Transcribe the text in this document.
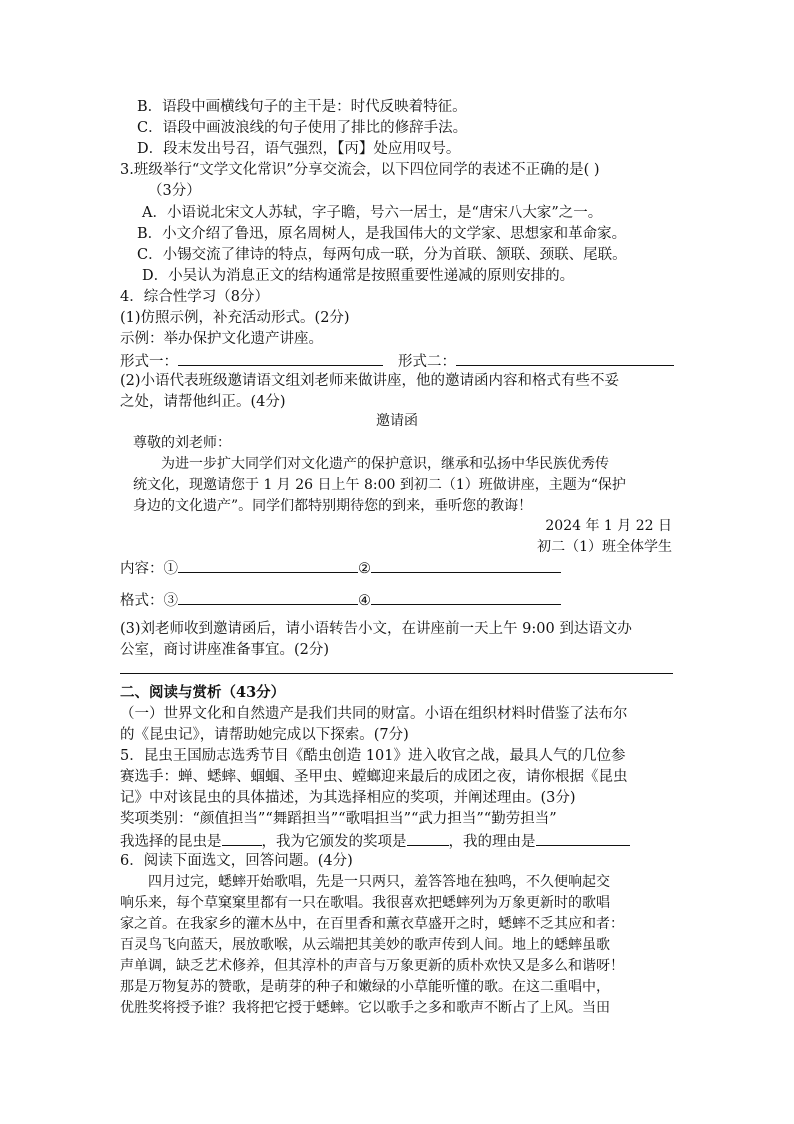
B．语段中画横线句子的主干是：时代反映着特征。
C．语段中画波浪线的句子使用了排比的修辞手法。
D．段末发出号召，语气强烈，【丙】处应用叹号。
3.班级举行“文学文化常识”分享交流会，以下四位同学的表述不正确的是( )
（3分）
A．小语说北宋文人苏轼，字子瞻，号六一居士，是“唐宋八大家”之一。
B．小文介绍了鲁迅，原名周树人，是我国伟大的文学家、思想家和革命家。
C．小锡交流了律诗的特点，每两句成一联，分为首联、颔联、颈联、尾联。
D．小吴认为消息正文的结构通常是按照重要性递减的原则安排的。
4．综合性学习（8分）
(1)仿照示例，补充活动形式。(2分)
示例：举办保护文化遗产讲座。
形式一：	形式二：
(2)小语代表班级邀请语文组刘老师来做讲座，他的邀请函内容和格式有些不妥
之处，请帮他纠正。(4分)
邀请函
尊敬的刘老师：
为进一步扩大同学们对文化遗产的保护意识，继承和弘扬中华民族优秀传
统文化，现邀请您于 1 月 26 日上午 8:00 到初二（1）班做讲座，主题为“保护
身边的文化遗产”。同学们都特别期待您的到来，垂听您的教诲！
2024 年 1 月 22 日
初二（1）班全体学生
内容：①	②
格式：③	④
(3)刘老师收到邀请函后，请小语转告小文，在讲座前一天上午 9:00 到达语文办
公室，商讨讲座准备事宜。(2分)
二、阅读与赏析（43分）
（一）世界文化和自然遗产是我们共同的财富。小语在组织材料时借鉴了法布尔
的《昆虫记》，请帮助她完成以下探索。(7分)
5．昆虫王国励志选秀节目《酷虫创造 101》进入收官之战，最具人气的几位参
赛选手：蝉、蟋蟀、蝈蝈、圣甲虫、螳螂迎来最后的成团之夜，请你根据《昆虫
记》中对该昆虫的具体描述，为其选择相应的奖项，并阐述理由。(3分)
奖项类别：“颜值担当”“舞蹈担当”“歌唱担当”“武力担当”“勤劳担当”
我选择的昆虫是	，我为它颁发的奖项是	，我的理由是
6．阅读下面选文，回答问题。(4分)
四月过完，蟋蟀开始歌唱，先是一只两只，羞答答地在独鸣，不久便响起交
响乐来，每个草窠窠里都有一只在歌唱。我很喜欢把蟋蟀列为万象更新时的歌唱
家之首。在我家乡的灌木丛中，在百里香和薰衣草盛开之时，蟋蟀不乏其应和者：
百灵鸟飞向蓝天，展放歌喉，从云端把其美妙的歌声传到人间。地上的蟋蟀虽歌
声单调，缺乏艺术修养，但其淳朴的声音与万象更新的质朴欢快又是多么和谐呀！
那是万物复苏的赞歌，是萌芽的种子和嫩绿的小草能听懂的歌。在这二重唱中，
优胜奖将授予谁？我将把它授于蟋蟀。它以歌手之多和歌声不断占了上风。当田
